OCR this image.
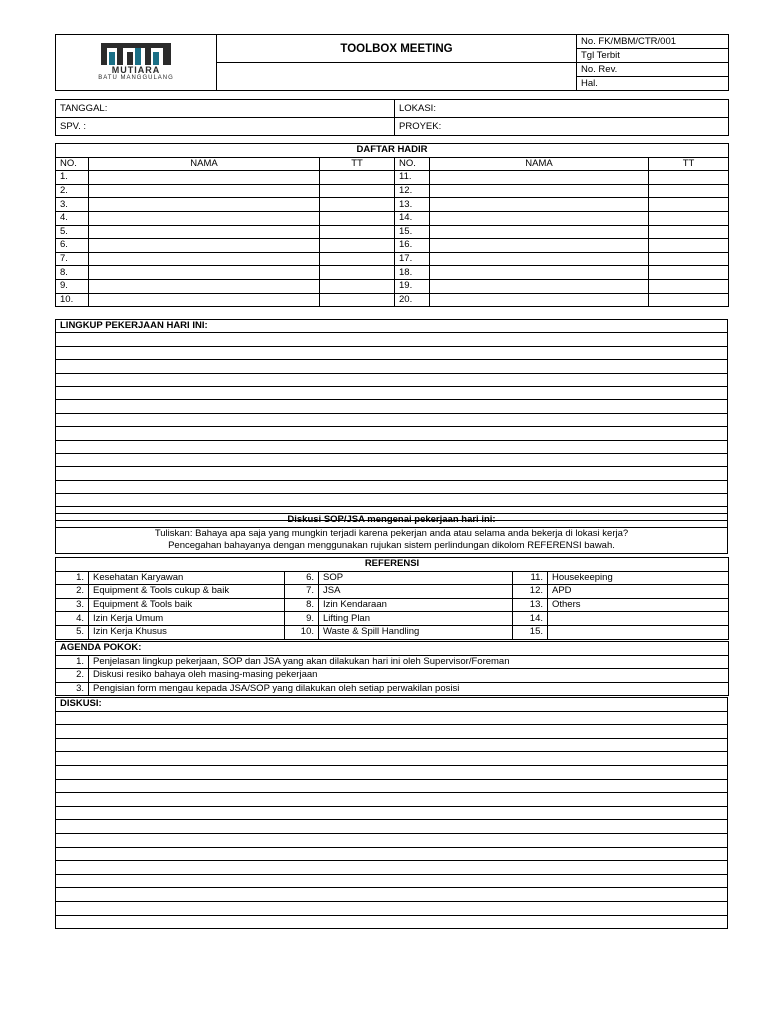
MUTIARA
BATU MANGGULANG	TOOLBOX MEETING	No. FK/MBM/CTR/001
		Tgl Terbit
		No. Rev.
		Hal.
TANGGAL:	LOKASI:
SPV. :	PROYEK:
DAFTAR HADIR					
NO.	NAMA	TT	NO.	NAMA	TT
1.			11.		
2.			12.		
3.			13.		
4.			14.		
5.			15.		
6.			16.		
7.			17.		
8.			18.		
9.			19.		
10.			20.		
LINGKUP PEKERJAAN HARI INI:

Diskusi SOP/JSA mengenai pekerjaan hari ini:
Tuliskan: Bahaya apa saja yang mungkin terjadi karena pekerjan anda atau selama anda bekerja di lokasi kerja?
Pencegahan bahayanya dengan menggunakan rujukan sistem perlindungan dikolom REFERENSI bawah.
REFERENSI					
1.	Kesehatan Karyawan	6.	SOP	11.	Housekeeping
2.	Equipment & Tools cukup & baik	7.	JSA	12.	APD
3.	Equipment & Tools baik	8.	Izin Kendaraan	13.	Others
4.	Izin Kerja Umum	9.	Lifting Plan	14.	
5.	Izin Kerja Khusus	10.	Waste & Spill Handling	15.	
AGENDA POKOK:	
1.	Penjelasan lingkup pekerjaan, SOP dan JSA yang akan dilakukan hari ini oleh Supervisor/Foreman
2.	Diskusi resiko bahaya oleh masing-masing pekerjaan
3.	Pengisian form mengau kepada JSA/SOP yang dilakukan oleh setiap perwakilan posisi
DISKUSI:
